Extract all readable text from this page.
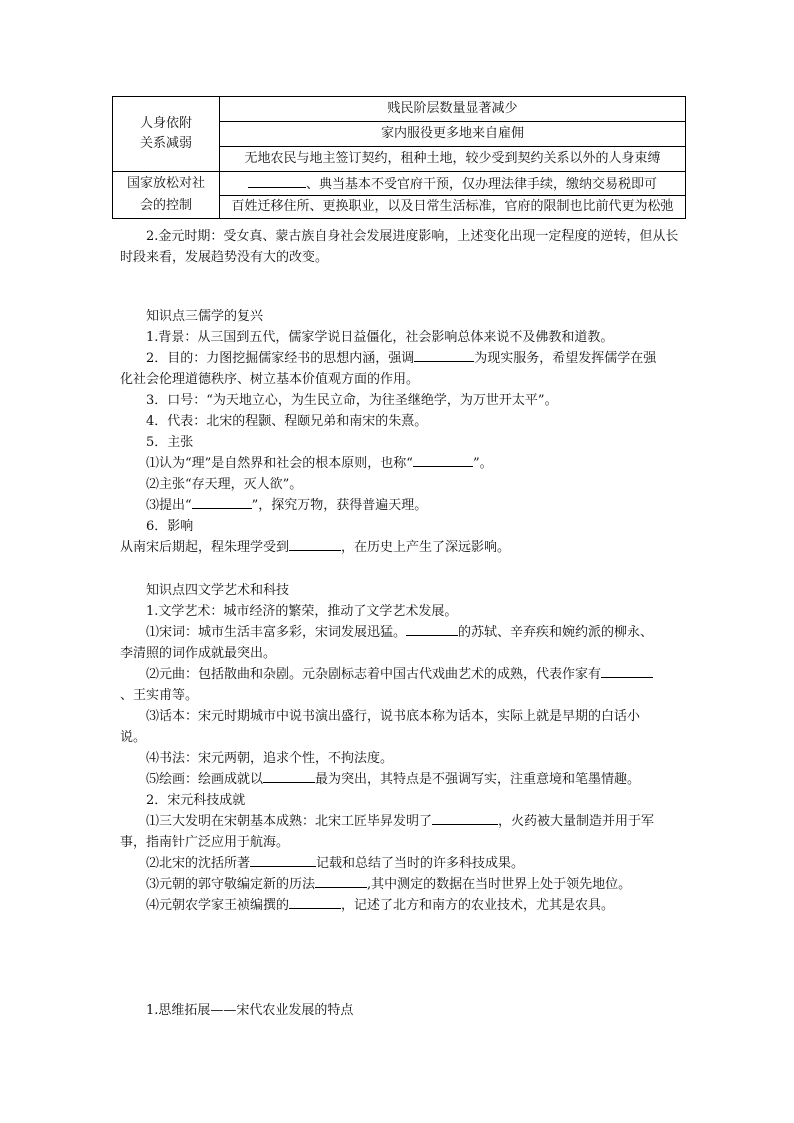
人身依附关系减弱	贱民阶层数量显著减少
	家内服役更多地来自雇佣
	无地农民与地主签订契约，租种土地，较少受到契约关系以外的人身束缚
国家放松对社会的控制	、典当基本不受官府干预，仅办理法律手续，缴纳交易税即可
	百姓迁移住所、更换职业，以及日常生活标准，官府的限制也比前代更为松弛
2.金元时期：受女真、蒙古族自身社会发展进度影响，上述变化出现一定程度的逆转，但从长时段来看，发展趋势没有大的改变。
知识点三儒学的复兴
1.背景：从三国到五代，儒家学说日益僵化，社会影响总体来说不及佛教和道教。
2．目的：力图挖掘儒家经书的思想内涵，强调	为现实服务，希望发挥儒学在强化社会伦理道德秩序、树立基本价值观方面的作用。
3．口号：“为天地立心，为生民立命，为往圣继绝学，为万世开太平”。
4．代表：北宋的程颢、程颐兄弟和南宋的朱熹。
5．主张
⑴认为“理”是自然界和社会的根本原则，也称“	”。
⑵主张“存天理，灭人欲”。
⑶提出“	”，探究万物，获得普遍天理。
6．影响
从南宋后期起，程朱理学受到	，在历史上产生了深远影响。
知识点四文学艺术和科技
1.文学艺术：城市经济的繁荣，推动了文学艺术发展。
⑴宋词：城市生活丰富多彩，宋词发展迅猛。	的苏轼、辛弃疾和婉约派的柳永、李清照的词作成就最突出。
⑵元曲：包括散曲和杂剧。元杂剧标志着中国古代戏曲艺术的成熟，代表作家有、王实甫等。
⑶话本：宋元时期城市中说书演出盛行，说书底本称为话本，实际上就是早期的白话小说。
⑷书法：宋元两朝，追求个性，不拘法度。
⑸绘画：绘画成就以	最为突出，其特点是不强调写实，注重意境和笔墨情趣。
2．宋元科技成就
⑴三大发明在宋朝基本成熟：北宋工匠毕昇发明了	，火药被大量制造并用于军事，指南针广泛应用于航海。
⑵北宋的沈括所著	记载和总结了当时的许多科技成果。
⑶元朝的郭守敬编定新的历法	,其中测定的数据在当时世界上处于领先地位。
⑷元朝农学家王祯编撰的	，记述了北方和南方的农业技术，尤其是农具。
1.思维拓展——宋代农业发展的特点
